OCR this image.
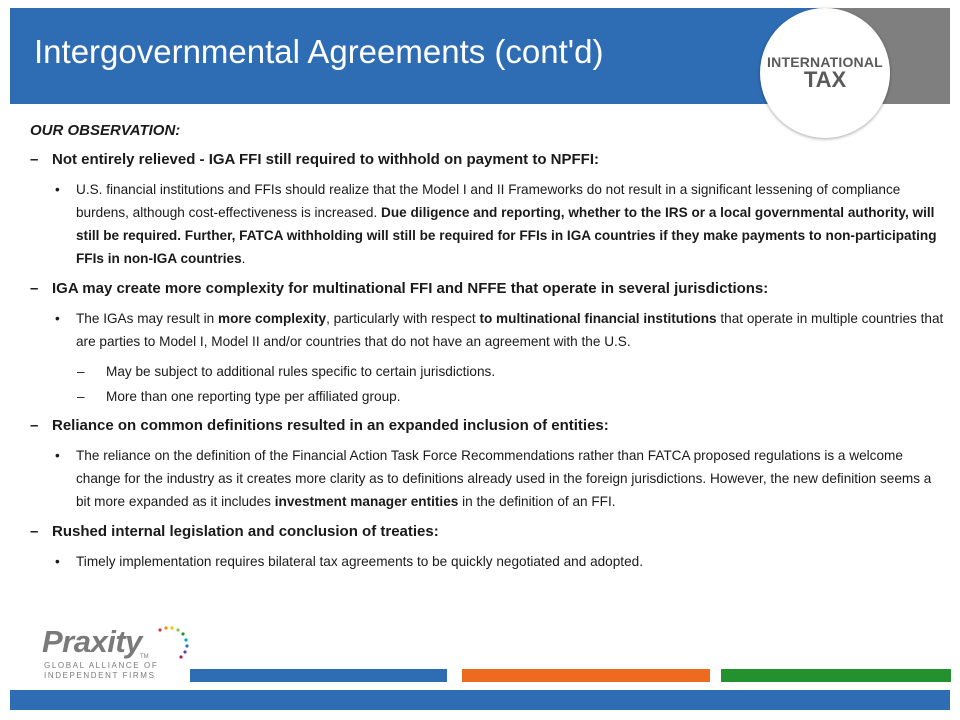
Intergovernmental Agreements (cont'd)	INTERNATIONAL
TAX

OUR OBSERVATION:

– Not entirely relieved - IGA FFI still required to withhold on payment to NPFFI:

• U.S. financial institutions and FFIs should realize that the Model I and II Frameworks do not result in a significant lessening of compliance burdens, although cost-effectiveness is increased. Due diligence and reporting, whether to the IRS or a local governmental authority, will still be required. Further, FATCA withholding will still be required for FFIs in IGA countries if they make payments to non-participating FFIs in non-IGA countries.

– IGA may create more complexity for multinational FFI and NFFE that operate in several jurisdictions:

• The IGAs may result in more complexity, particularly with respect to multinational financial institutions that operate in multiple countries that are parties to Model I, Model II and/or countries that do not have an agreement with the U.S.

– May be subject to additional rules specific to certain jurisdictions.

– More than one reporting type per affiliated group.

– Reliance on common definitions resulted in an expanded inclusion of entities:

• The reliance on the definition of the Financial Action Task Force Recommendations rather than FATCA proposed regulations is a welcome change for the industry as it creates more clarity as to definitions already used in the foreign jurisdictions. However, the new definition seems a bit more expanded as it includes investment manager entities in the definition of an FFI.

– Rushed internal legislation and conclusion of treaties:

• Timely implementation requires bilateral tax agreements to be quickly negotiated and adopted.

Praxity
TM
GLOBAL ALLIANCE OF
INDEPENDENT FIRMS
